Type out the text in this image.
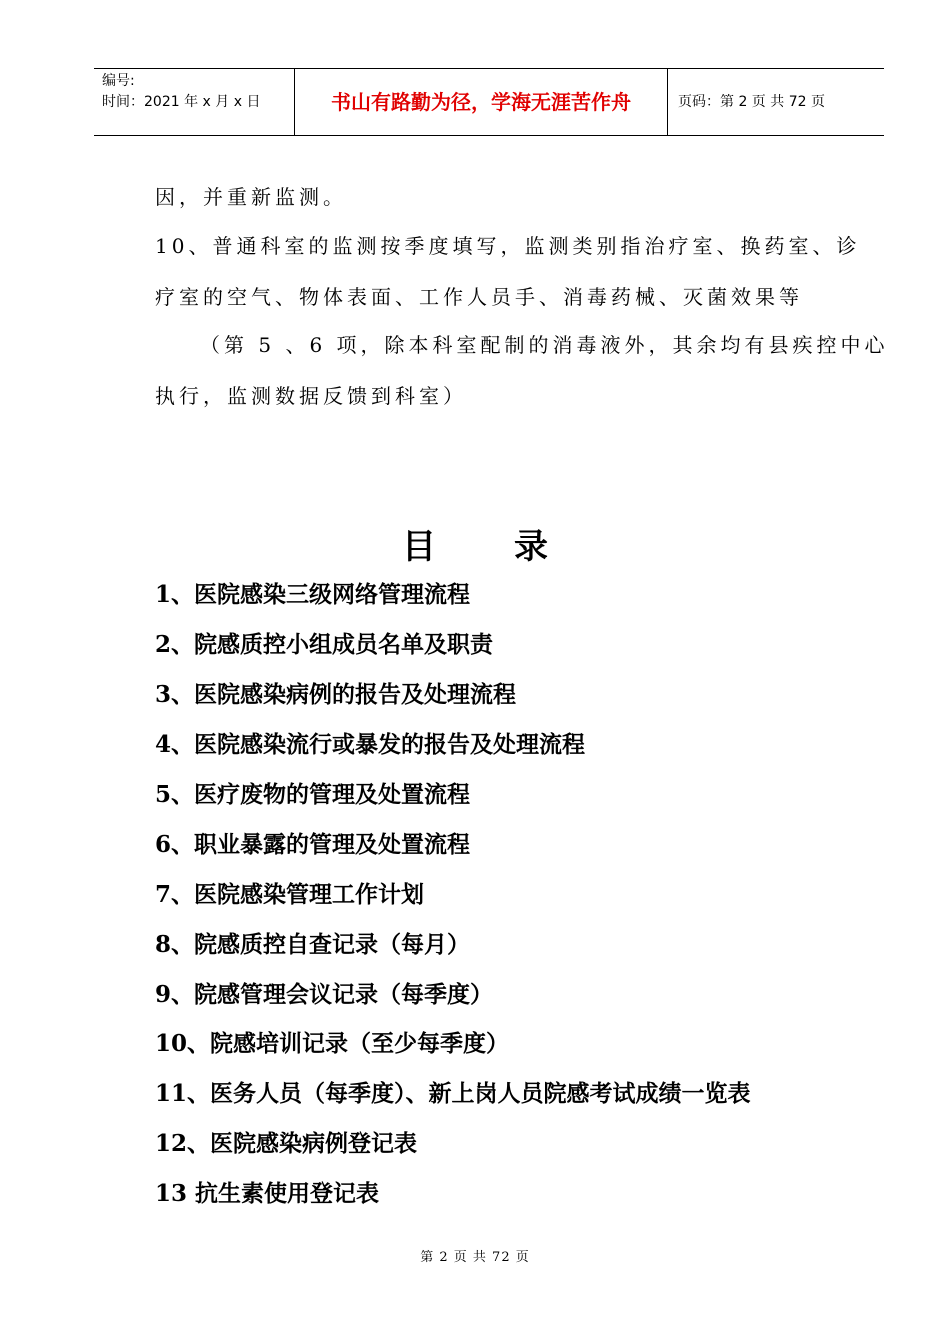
编号:
时间：2021 年 x 月 x 日	书山有路勤为径，学海无涯苦作舟	页码：第 2 页 共 72 页
因，并重新监测。
10、普通科室的监测按季度填写，监测类别指治疗室、换药室、诊
疗室的空气、物体表面、工作人员手、消毒药械、灭菌效果等
（第 5 、6 项，除本科室配制的消毒液外，其余均有县疾控中心
执行，监测数据反馈到科室）
目 录
1、医院感染三级网络管理流程
2、院感质控小组成员名单及职责
3、医院感染病例的报告及处理流程
4、医院感染流行或暴发的报告及处理流程
5、医疗废物的管理及处置流程
6、职业暴露的管理及处置流程
7、医院感染管理工作计划
8、院感质控自查记录（每月）
9、院感管理会议记录（每季度）
10、院感培训记录（至少每季度）
11、医务人员（每季度）、新上岗人员院感考试成绩一览表
12、医院感染病例登记表
13 抗生素使用登记表
第 2 页 共 72 页
